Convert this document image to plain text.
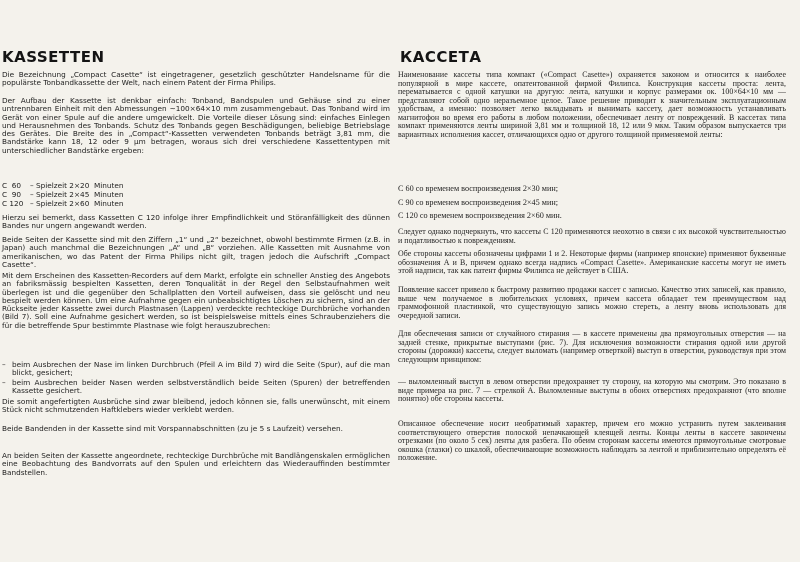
KASSETTEN

Die Bezeichnung „Compact Casette“ ist eingetragener, gesetzlich geschützter Handelsname für die populärste Tonbandkassette der Welt, nach einem Patent der Firma Philips.

Der Aufbau der Kassette ist denkbar einfach: Tonband, Bandspulen und Gehäuse sind zu einer untrennbaren Einheit mit den Abmessungen ~100×64×10 mm zusammengebaut. Das Tonband wird im Gerät von einer Spule auf die andere umgewickelt. Die Vorteile dieser Lösung sind: einfaches Einlegen und Herausnehmen des Tonbands. Schutz des Tonbands gegen Beschädigungen, beliebige Betriebslage des Gerätes. Die Breite des in „Compact“-Kassetten verwendeten Tonbands beträgt 3,81 mm, die Bandstärke kann 18, 12 oder 9 µm betragen, woraus sich drei verschiedene Kassettentypen mit unterschiedlicher Bandstärke ergeben:

C  60 – Spielzeit 2×20  Minuten
C  90 – Spielzeit 2×45  Minuten
C 120 – Spielzeit 2×60  Minuten

Hierzu sei bemerkt, dass Kassetten C 120 infolge ihrer Empfindlichkeit und Störanfälligkeit des dünnen Bandes nur ungern angewandt werden.

Beide Seiten der Kassette sind mit den Ziffern „1“ und „2“ bezeichnet, obwohl bestimmte Firmen (z.B. in Japan) auch manchmal die Bezeichnungen „A“ und „B“ vorziehen. Alle Kassetten mit Ausnahme von amerikanischen, wo das Patent der Firma Philips nicht gilt, tragen jedoch die Aufschrift „Compact Casette“.

Mit dem Erscheinen des Kassetten-Recorders auf dem Markt, erfolgte ein schneller Anstieg des Angebots an fabriksmässig bespielten Kassetten, deren Tonqualität in der Regel den Selbstaufnahmen weit überlegen ist und die gegenüber den Schallplatten den Vorteil aufweisen, dass sie gelöscht und neu bespielt werden können. Um eine Aufnahme gegen ein unbeabsichtigtes Löschen zu sichern, sind an der Rückseite jeder Kassette zwei durch Plastnasen (Lappen) verdeckte rechteckige Durchbrüche vorhanden (Bild 7). Soll eine Aufnahme gesichert werden, so ist beispielsweise mittels eines Schraubenziehers die für die betreffende Spur bestimmte Plastnase wie folgt herauszubrechen:

– beim Ausbrechen der Nase im linken Durchbruch (Pfeil A im Bild 7) wird die Seite (Spur), auf die man blickt, gesichert;
– beim Ausbrechen beider Nasen werden selbstverständlich beide Seiten (Spuren) der betreffenden Kassette gesichert.

Die somit angefertigten Ausbrüche sind zwar bleibend, jedoch können sie, falls unerwünscht, mit einem Stück nicht schmutzenden Haftklebers wieder verklebt werden.

Beide Bandenden in der Kassette sind mit Vorspannabschnitten (zu je 5 s Laufzeit) versehen.

An beiden Seiten der Kassette angeordnete, rechteckige Durchbrüche mit Bandlängenskalen ermöglichen eine Beobachtung des Bandvorrats auf den Spulen und erleichtern das Wiederauffinden bestimmter Bandstellen.

КАССЕТА

Наименование кассеты типа компакт («Compact Casette») охраняется законом и относится к наиболее популярной в мире кассете, опатентованной фирмой Филипса. Конструкция кассеты проста: лента, перематывается с одной катушки на другую: лента, катушки и корпус размерами ок. 100×64×10 мм — представляют собой одно неразъемное целое. Такое решение приводит к значительным эксплуатационным удобствам, а именно: позволяет легко вкладывать и вынимать кассету, дает возможность устанавливать магнитофон во время его работы в любом положении, обеспечивает ленту от повреждений. В кассетах типа компакт применяются ленты шириной 3,81 мм и толщиной 18, 12 или 9 мкм. Таким образом выпускается три вариантных исполнения кассет, отличающихся одно от другого толщиной применяемой ленты:

С 60 со временем воспроизведения 2×30 мин;
С 90 со временем воспроизведения 2×45 мин;
С 120 со временем воспроизведения 2×60 мин.

Следует однако подчеркнуть, что кассеты С 120 применяются неохотно в связи с их высокой чувствительностью и податливостью к повреждениям.

Обе стороны кассеты обозначены цифрами 1 и 2. Некоторые фирмы (например японские) применяют буквенные обозначения А и В, причем однако всегда надпись «Compact Casette». Американские кассеты могут не иметь этой надписи, так как патент фирмы Филипса не действует в США.

Появление кассет привело к быстрому развитию продажи кассет с записью. Качество этих записей, как правило, выше чем получаемое в любительских условиях, причем кассета обладает тем преимуществом над граммофонной пластинкой, что существующую запись можно стереть, а ленту вновь использовать для очередной записи.

Для обеспечения записи от случайного стирания — в кассете применены два прямоугольных отверстия — на задней стенке, прикрытые выступами (рис. 7). Для исключения возможности стирания одной или другой стороны (дорожки) кассеты, следует выломать (например отверткой) выступ в отверстии, руководствуя при этом следующим принципом:

— выломленный выступ в левом отверстии предохраняет ту сторону, на которую мы смотрим. Это показано в виде примера на рис. 7 — стрелкой А. Выломленные выступы в обоих отверстиях предохраняют (что вполне понятно) обе стороны кассеты.

Описанное обеспечение носит необратимый характер, причем его можно устранить путем заклеивания соответствующего отверстия полоской непачкающей клеящей ленты. Концы ленты в кассете закончены отрезками (по около 5 сек) ленты для разбега. По обеим сторонам кассеты имеются прямоугольные смотровые окошка (глазки) со шкалой, обеспечивающие возможность наблюдать за лентой и приблизительно определять её положение.
